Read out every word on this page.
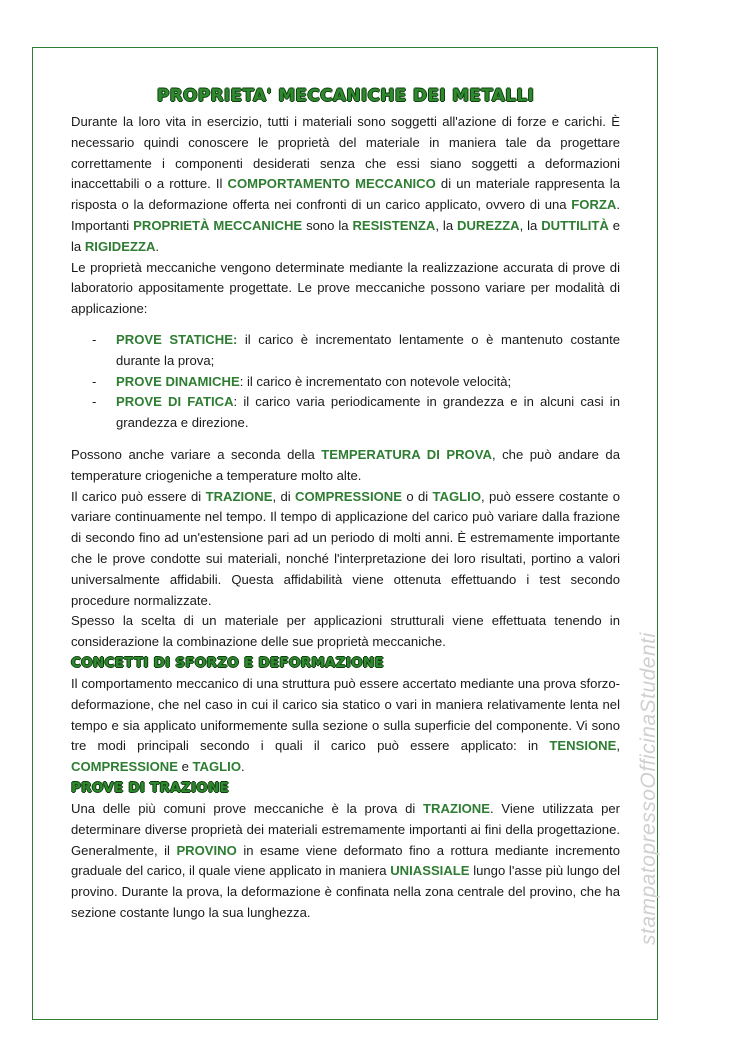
PROPRIETA' MECCANICHE DEI METALLI

Durante la loro vita in esercizio, tutti i materiali sono soggetti all'azione di forze e carichi. È necessario quindi conoscere le proprietà del materiale in maniera tale da progettare correttamente i componenti desiderati senza che essi siano soggetti a deformazioni inaccettabili o a rotture. Il COMPORTAMENTO MECCANICO di un materiale rappresenta la risposta o la deformazione offerta nei confronti di un carico applicato, ovvero di una FORZA. Importanti PROPRIETÀ MECCANICHE sono la RESISTENZA, la DUREZZA, la DUTTILITÀ e la RIGIDEZZA.

Le proprietà meccaniche vengono determinate mediante la realizzazione accurata di prove di laboratorio appositamente progettate. Le prove meccaniche possono variare per modalità di applicazione:

- PROVE STATICHE: il carico è incrementato lentamente o è mantenuto costante durante la prova;
- PROVE DINAMICHE: il carico è incrementato con notevole velocità;
- PROVE DI FATICA: il carico varia periodicamente in grandezza e in alcuni casi in grandezza e direzione.

Possono anche variare a seconda della TEMPERATURA DI PROVA, che può andare da temperature criogeniche a temperature molto alte.

Il carico può essere di TRAZIONE, di COMPRESSIONE o di TAGLIO, può essere costante o variare continuamente nel tempo. Il tempo di applicazione del carico può variare dalla frazione di secondo fino ad un'estensione pari ad un periodo di molti anni. È estremamente importante che le prove condotte sui materiali, nonché l'interpretazione dei loro risultati, portino a valori universalmente affidabili. Questa affidabilità viene ottenuta effettuando i test secondo procedure normalizzate.

Spesso la scelta di un materiale per applicazioni strutturali viene effettuata tenendo in considerazione la combinazione delle sue proprietà meccaniche.

CONCETTI DI SFORZO E DEFORMAZIONE

Il comportamento meccanico di una struttura può essere accertato mediante una prova sforzo-deformazione, che nel caso in cui il carico sia statico o vari in maniera relativamente lenta nel tempo e sia applicato uniformemente sulla sezione o sulla superficie del componente. Vi sono tre modi principali secondo i quali il carico può essere applicato: in TENSIONE, COMPRESSIONE e TAGLIO.

PROVE DI TRAZIONE

Una delle più comuni prove meccaniche è la prova di TRAZIONE. Viene utilizzata per determinare diverse proprietà dei materiali estremamente importanti ai fini della progettazione. Generalmente, il PROVINO in esame viene deformato fino a rottura mediante incremento graduale del carico, il quale viene applicato in maniera UNIASSIALE lungo l'asse più lungo del provino. Durante la prova, la deformazione è confinata nella zona centrale del provino, che ha sezione costante lungo la sua lunghezza.	stampatopressoOfficinaStudenti
